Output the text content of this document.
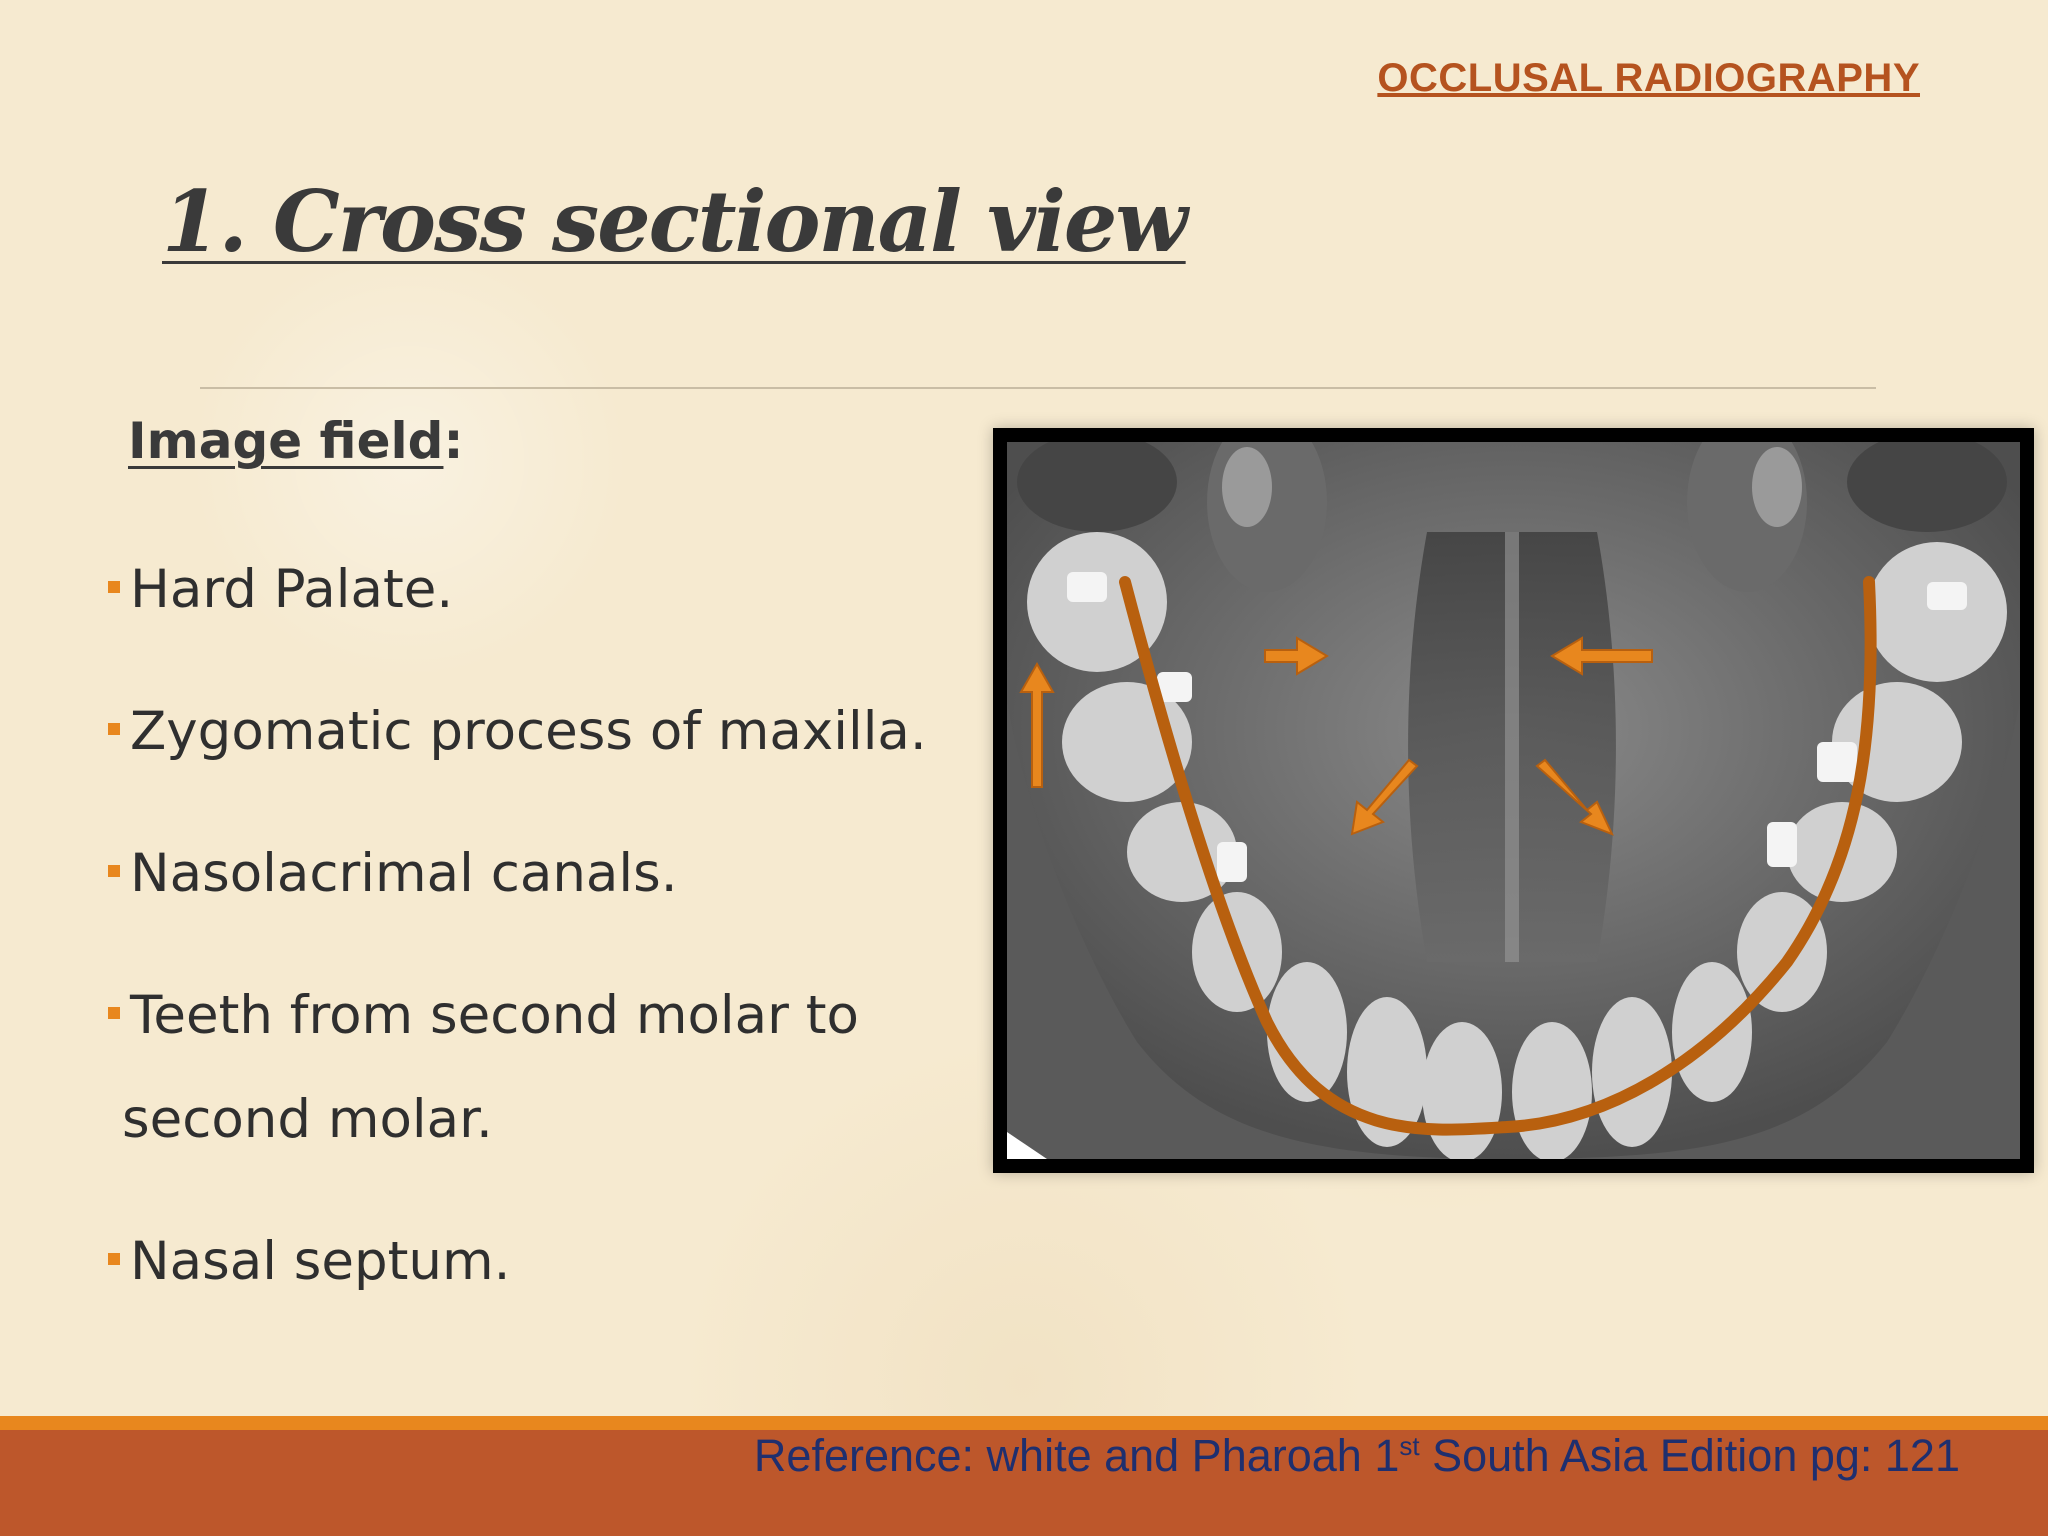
OCCLUSAL RADIOGRAPHY
1. Cross sectional view
Image field:
Hard Palate.
Zygomatic process of maxilla.
Nasolacrimal canals.
Teeth from second molar to
second molar.
Nasal septum.
Reference: white and Pharoah 1st South Asia Edition pg: 121
